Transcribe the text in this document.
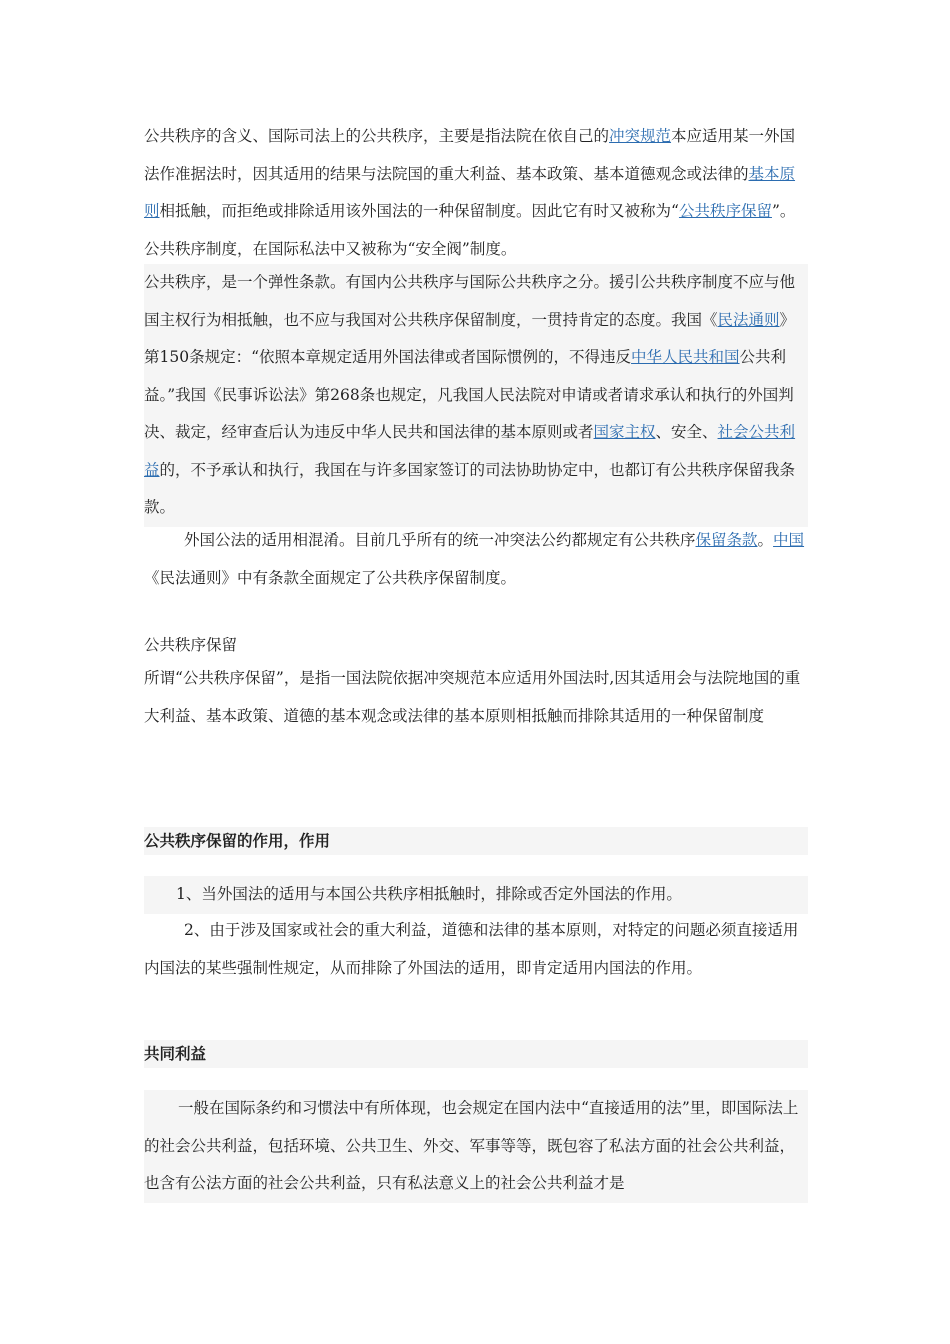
公共秩序的含义、国际司法上的公共秩序，主要是指法院在依自己的冲突规范本应适用某一外国法作准据法时，因其适用的结果与法院国的重大利益、基本政策、基本道德观念或法律的基本原则相抵触，而拒绝或排除适用该外国法的一种保留制度。因此它有时又被称为“公共秩序保留”。公共秩序制度，在国际私法中又被称为“安全阀”制度。
公共秩序，是一个弹性条款。有国内公共秩序与国际公共秩序之分。援引公共秩序制度不应与他国主权行为相抵触，也不应与我国对公共秩序保留制度，一贯持肯定的态度。我国《民法通则》第150条规定：“依照本章规定适用外国法律或者国际惯例的，不得违反中华人民共和国公共利益。”我国《民事诉讼法》第268条也规定，凡我国人民法院对申请或者请求承认和执行的外国判决、裁定，经审查后认为违反中华人民共和国法律的基本原则或者国家主权、安全、社会公共利益的，不予承认和执行，我国在与许多国家签订的司法协助协定中，也都订有公共秩序保留我条款。
外国公法的适用相混淆。目前几乎所有的统一冲突法公约都规定有公共秩序保留条款。中国《民法通则》中有条款全面规定了公共秩序保留制度。
公共秩序保留
所谓“公共秩序保留”，是指一国法院依据冲突规范本应适用外国法时,因其适用会与法院地国的重大利益、基本政策、道德的基本观念或法律的基本原则相抵触而排除其适用的一种保留制度
公共秩序保留的作用，作用
1、当外国法的适用与本国公共秩序相抵触时，排除或否定外国法的作用。
2、由于涉及国家或社会的重大利益，道德和法律的基本原则，对特定的问题必须直接适用内国法的某些强制性规定，从而排除了外国法的适用，即肯定适用内国法的作用。
共同利益
一般在国际条约和习惯法中有所体现，也会规定在国内法中“直接适用的法”里，即国际法上的社会公共利益，包括环境、公共卫生、外交、军事等等，既包容了私法方面的社会公共利益，也含有公法方面的社会公共利益，只有私法意义上的社会公共利益才是
